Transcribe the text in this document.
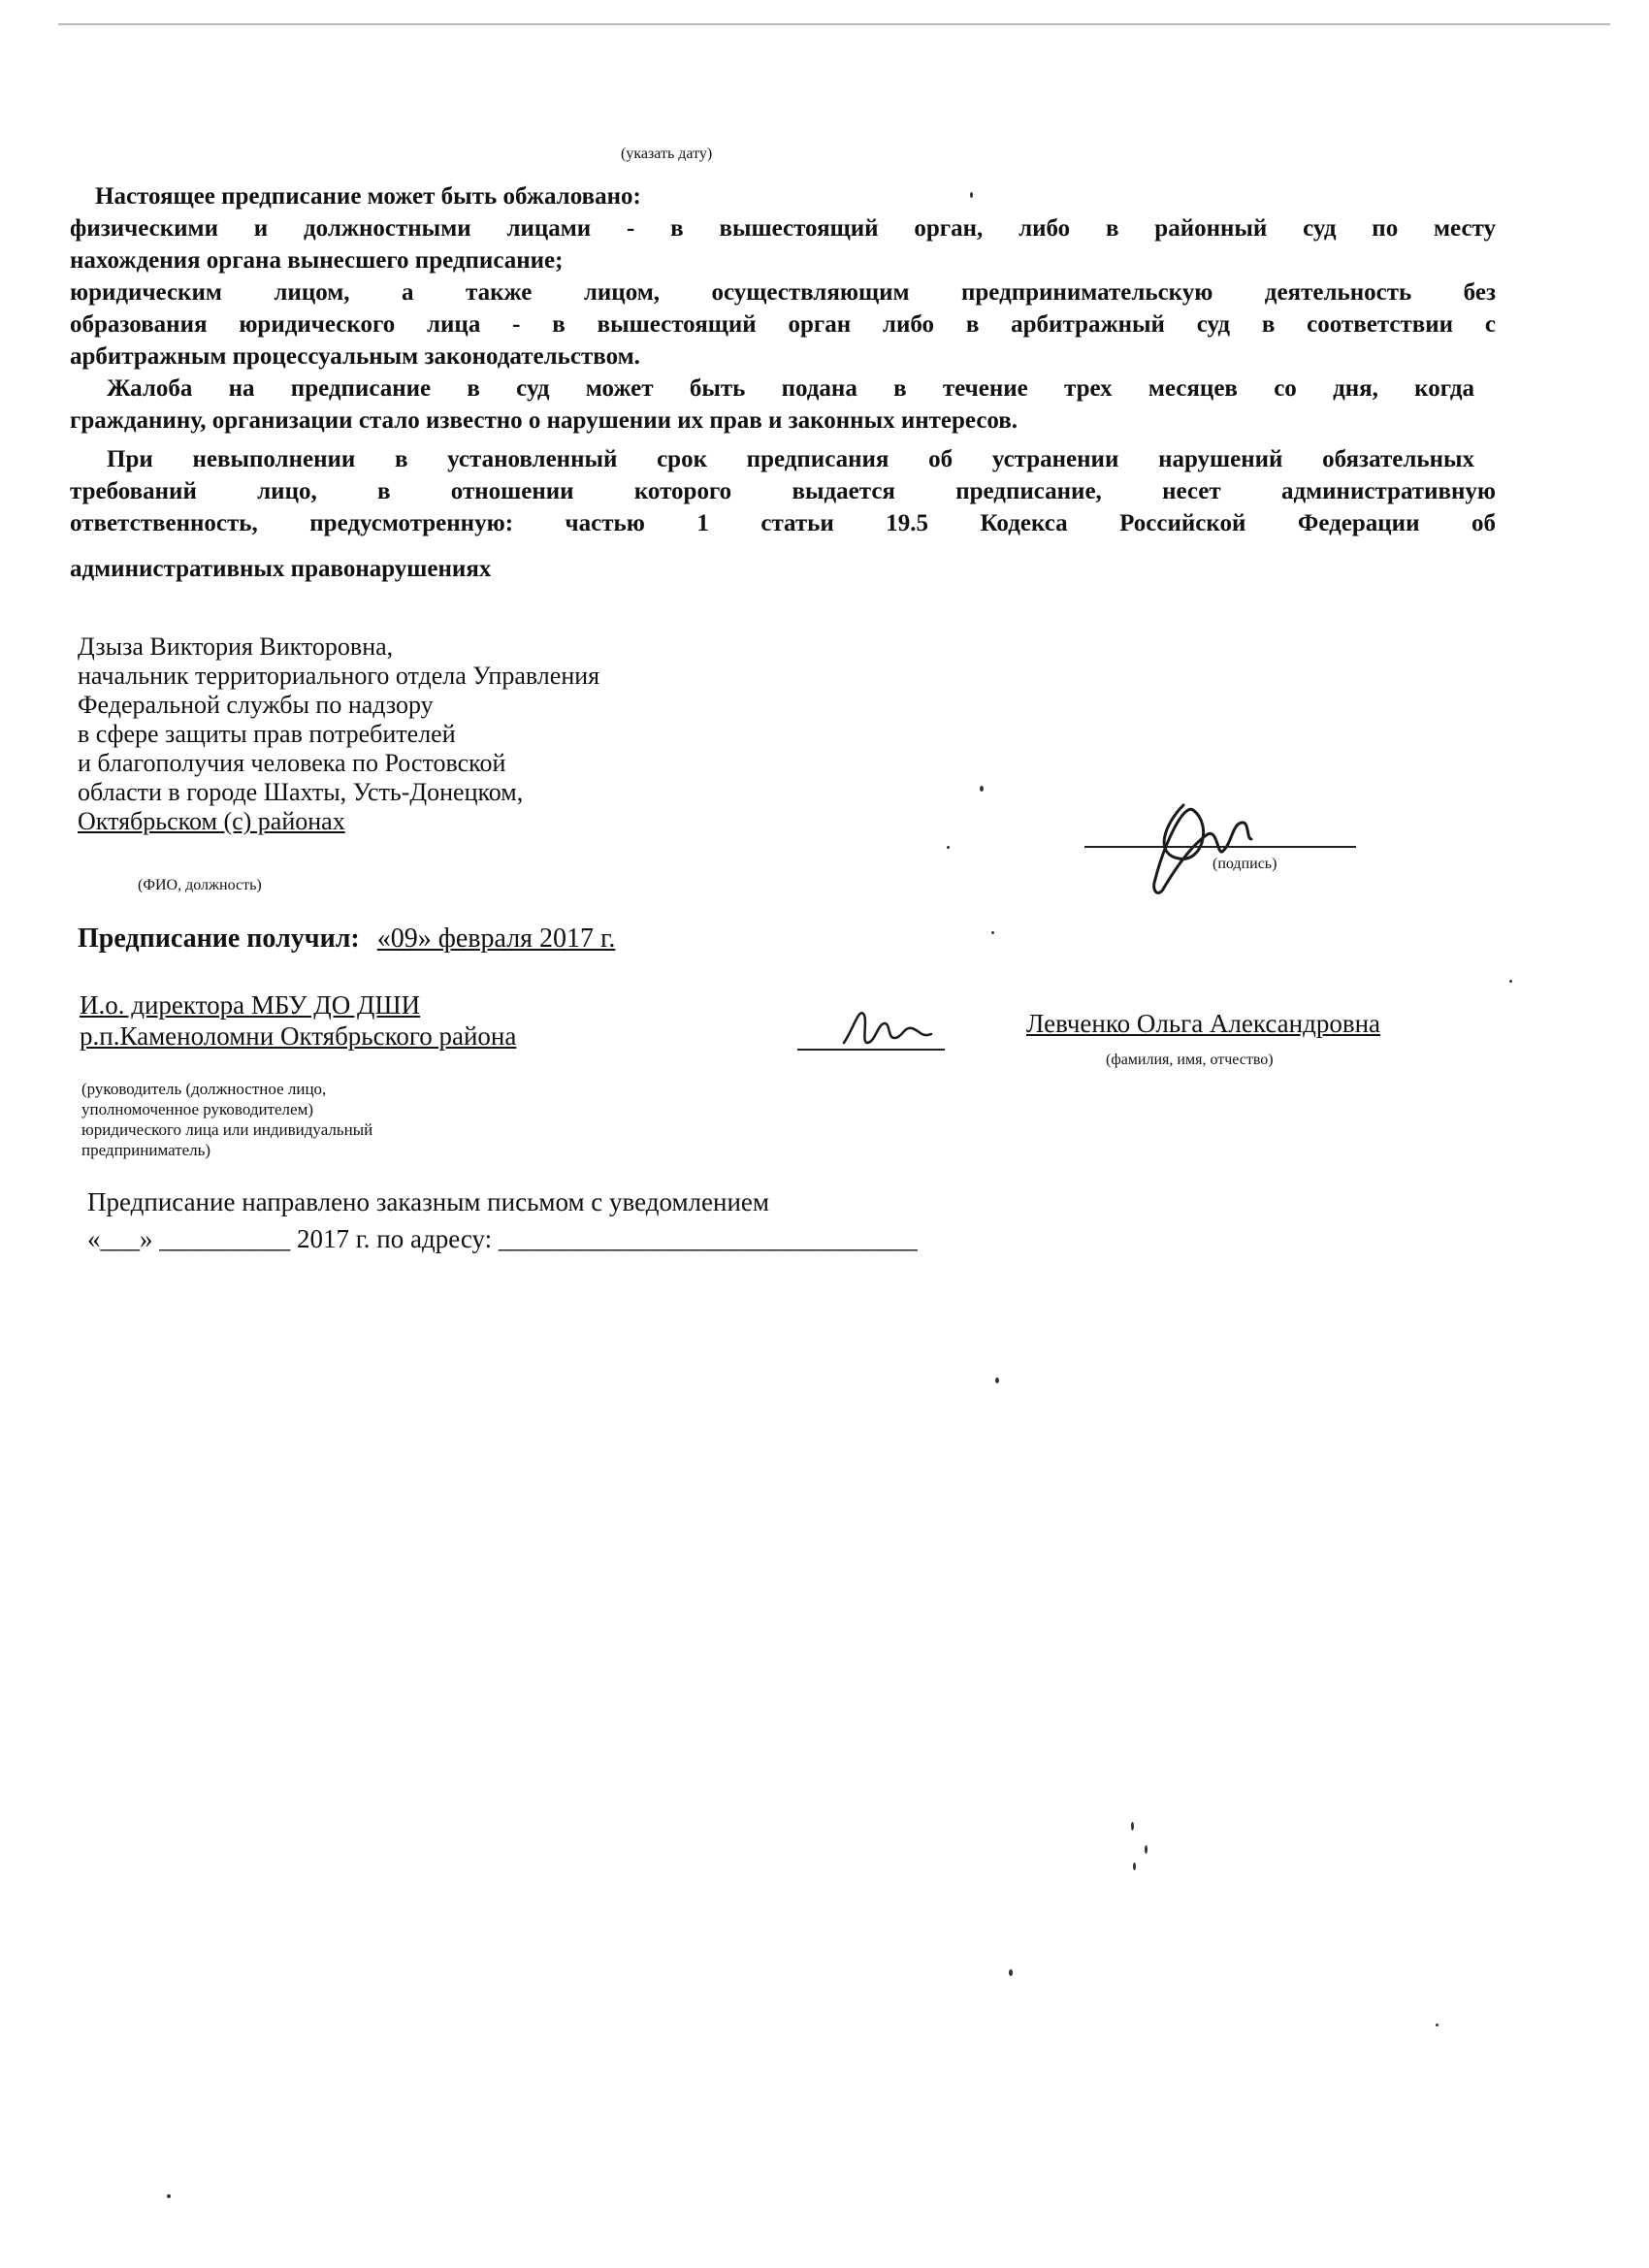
(указать дату)
Настоящее предписание может быть обжаловано:
физическими и должностными лицами - в вышестоящий орган, либо в районный суд по месту
нахождения органа вынесшего предписание;
юридическим лицом, а также лицом, осуществляющим предпринимательскую деятельность без
образования юридического лица - в вышестоящий орган либо в арбитражный суд в соответствии с
арбитражным процессуальным законодательством.
Жалоба на предписание в суд может быть подана в течение трех месяцев со дня, когда
гражданину, организации стало известно о нарушении их прав и законных интересов.
При невыполнении в установленный срок предписания об устранении нарушений обязательных
требований лицо, в отношении которого выдается предписание, несет административную
ответственность, предусмотренную: частью 1 статьи 19.5 Кодекса Российской Федерации об
административных правонарушениях
Дзыза Виктория Викторовна,
начальник территориального отдела Управления
Федеральной службы по надзору
в сфере защиты прав потребителей
и благополучия человека по Ростовской
области в городе Шахты, Усть-Донецком,
Октябрьском (с) районах
(ФИО, должность)
(подпись)
Предписание получил: «09» февраля 2017 г.
И.о. директора МБУ ДО ДШИ
р.п.Каменоломни Октябрьского района
(руководитель (должностное лицо,
уполномоченное руководителем)
юридического лица или индивидуальный
предприниматель)
Левченко Ольга Александровна
(фамилия, имя, отчество)
Предписание направлено заказным письмом с уведомлением
«___» __________ 2017 г. по адресу: ________________________________
